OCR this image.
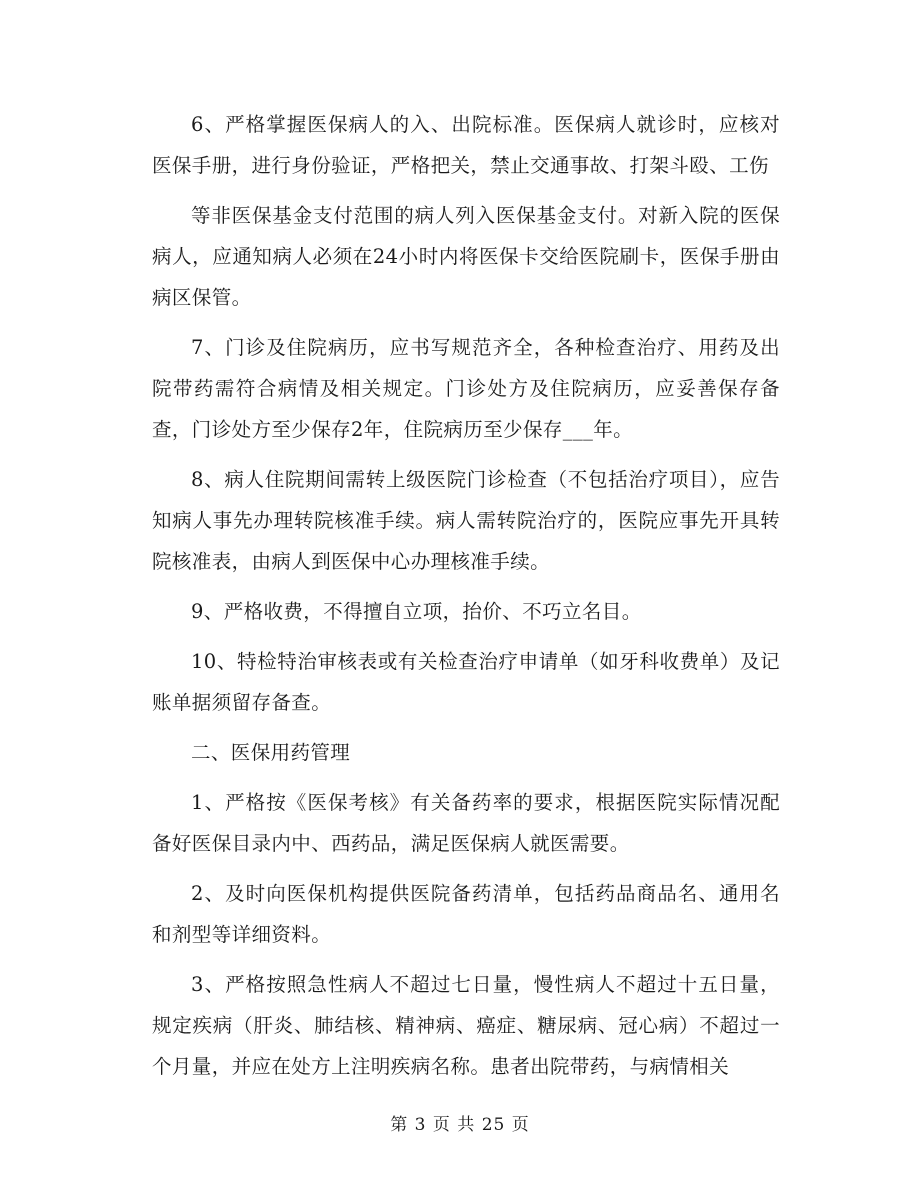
6、严格掌握医保病人的入、出院标准。医保病人就诊时，应核对医保手册，进行身份验证，严格把关，禁止交通事故、打架斗殴、工伤

等非医保基金支付范围的病人列入医保基金支付。对新入院的医保病人，应通知病人必须在24小时内将医保卡交给医院刷卡，医保手册由病区保管。

7、门诊及住院病历，应书写规范齐全，各种检查治疗、用药及出院带药需符合病情及相关规定。门诊处方及住院病历，应妥善保存备查，门诊处方至少保存2年，住院病历至少保存___年。

8、病人住院期间需转上级医院门诊检查（不包括治疗项目），应告知病人事先办理转院核准手续。病人需转院治疗的，医院应事先开具转院核准表，由病人到医保中心办理核准手续。

9、严格收费，不得擅自立项，抬价、不巧立名目。

10、特检特治审核表或有关检查治疗申请单（如牙科收费单）及记账单据须留存备查。

二、医保用药管理

1、严格按《医保考核》有关备药率的要求，根据医院实际情况配备好医保目录内中、西药品，满足医保病人就医需要。

2、及时向医保机构提供医院备药清单，包括药品商品名、通用名和剂型等详细资料。

3、严格按照急性病人不超过七日量，慢性病人不超过十五日量，规定疾病（肝炎、肺结核、精神病、癌症、糖尿病、冠心病）不超过一个月量，并应在处方上注明疾病名称。患者出院带药，与病情相关

第 3 页 共 25 页
